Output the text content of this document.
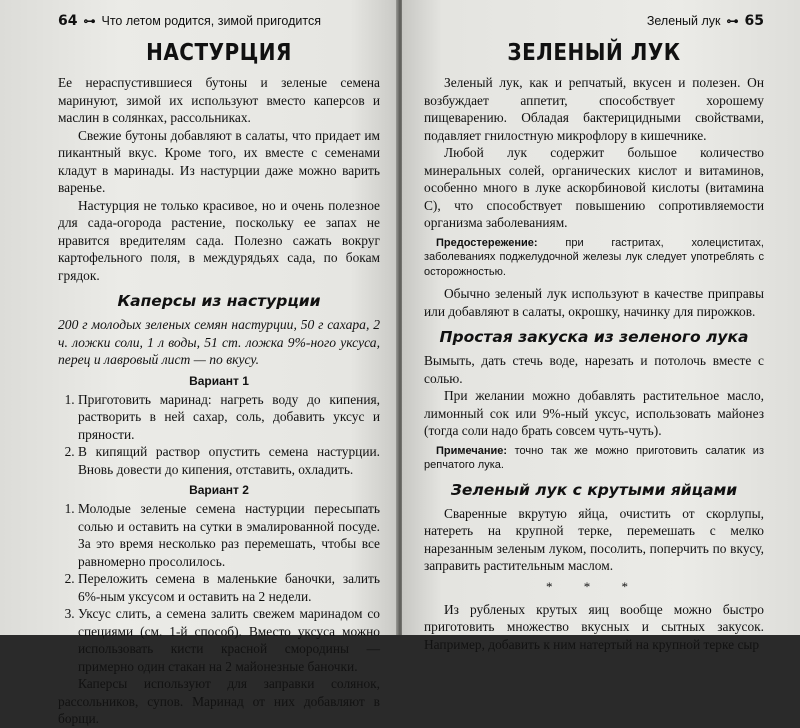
64 ⊶ Что летом родится, зимой пригодится
НАСТУРЦИЯ

Ее нераспустившиеся бутоны и зеленые семена маринуют, зимой их используют вместо каперсов и маслин в солянках, рассольниках.

Свежие бутоны добавляют в салаты, что придает им пикантный вкус. Кроме того, их вместе с семенами кладут в маринады. Из настурции даже можно варить варенье.

Настурция не только красивое, но и очень полезное для сада-огорода растение, поскольку ее запах не нравится вредителям сада. Полезно сажать вокруг картофельного поля, в междурядьях сада, по бокам грядок.

Каперсы из настурции

200 г молодых зеленых семян настурции, 50 г сахара, 2 ч. ложки соли, 1 л воды, 51 ст. ложка 9%-ного уксуса, перец и лавровый лист — по вкусу.

Вариант 1
1. Приготовить маринад: нагреть воду до кипения, растворить в ней сахар, соль, добавить уксус и пряности.
2. В кипящий раствор опустить семена настурции. Вновь довести до кипения, отставить, охладить.
Вариант 2
1. Молодые зеленые семена настурции пересыпать солью и оставить на сутки в эмалированной посуде. За это время несколько раз перемешать, чтобы все равномерно просолилось.
2. Переложить семена в маленькие баночки, залить 6%-ным уксусом и оставить на 2 недели.
3. Уксус слить, а семена залить свежем маринадом со специями (см. 1-й способ). Вместо уксуса можно использовать кисти красной смородины — примерно один стакан на 2 майонезные баночки.

Каперсы используют для заправки солянок, рассольников, супов. Маринад от них добавляют в борщи.

Зеленый лук ⊶ 65
ЗЕЛЕНЫЙ ЛУК

Зеленый лук, как и репчатый, вкусен и полезен. Он возбуждает аппетит, способствует хорошему пищеварению. Обладая бактерицидными свойствами, подавляет гнилостную микрофлору в кишечнике.

Любой лук содержит большое количество минеральных солей, органических кислот и витаминов, особенно много в луке аскорбиновой кислоты (витамина С), что способствует повышению сопротивляемости организма заболеваниям.

Предостережение:	при гастритах, холециститах, заболеваниях поджелудочной железы лук следует употреблять с осторожностью.

Обычно зеленый лук используют в качестве приправы или добавляют в салаты, окрошку, начинку для пирожков.

Простая закуска из зеленого лука

Вымыть, дать стечь воде, нарезать и потолочь вместе с солью.

При желании можно добавлять растительное масло, лимонный сок или 9%-ный уксус, использовать майонез (тогда соли надо брать совсем чуть-чуть).

Примечание: точно так же можно приготовить салатик из репчатого лука.

Зеленый лук с крутыми яйцами

Сваренные вкрутую яйца, очистить от скорлупы, натереть на крупной терке, перемешать с мелко нарезанным зеленым луком, посолить, поперчить по вкусу, заправить растительным маслом.

* * *

Из рубленых крутых яиц вообще можно быстро приготовить множество вкусных и сытных закусок. Например, добавить к ним натертый на крупной терке сыр
